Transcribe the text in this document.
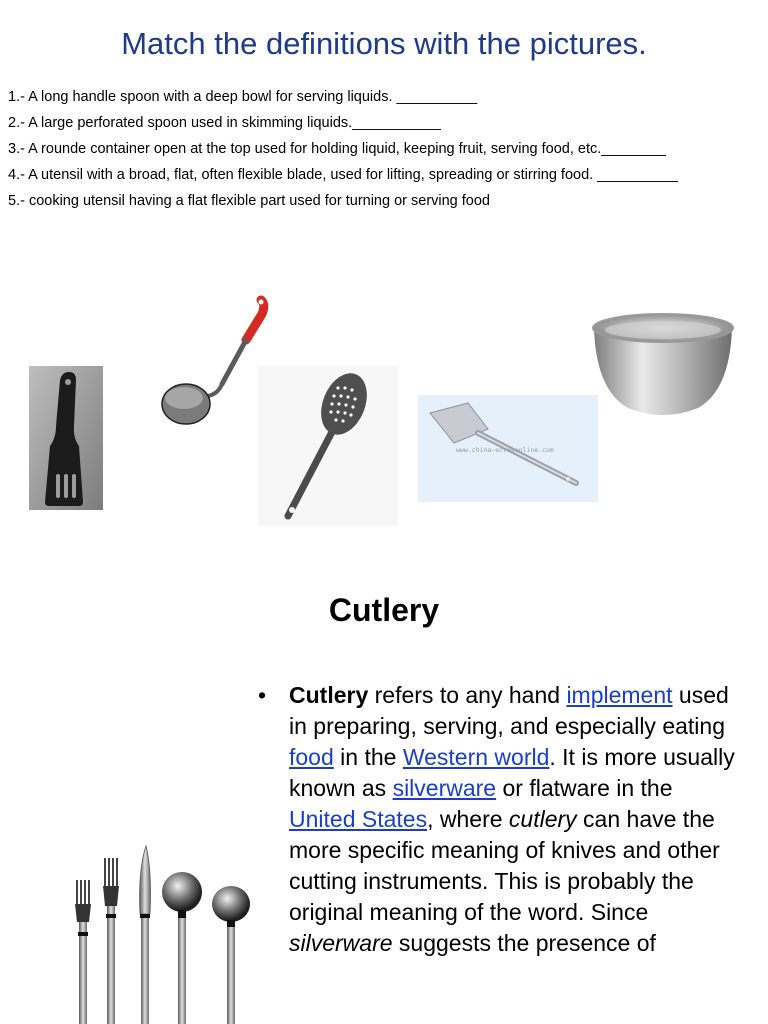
Match the definitions with the pictures.

1.- A long handle spoon with a deep bowl for serving liquids. __________

2.- A large perforated spoon used in skimming liquids.___________

3.- A rounde container open at the top used for holding liquid, keeping fruit, serving food, etc.________

4.- A utensil with a broad, flat, often flexible blade, used for lifting, spreading or stirring food. __________

5.- cooking utensil having a flat flexible part used for turning or serving food

www.china-ecrosonline.com
Cutlery
• Cutlery refers to any hand implement used in preparing, serving, and especially eating food in the Western world. It is more usually known as silverware or flatware in the United States, where cutlery can have the more specific meaning of knives and other cutting instruments. This is probably the original meaning of the word. Since silverware suggests the presence of
